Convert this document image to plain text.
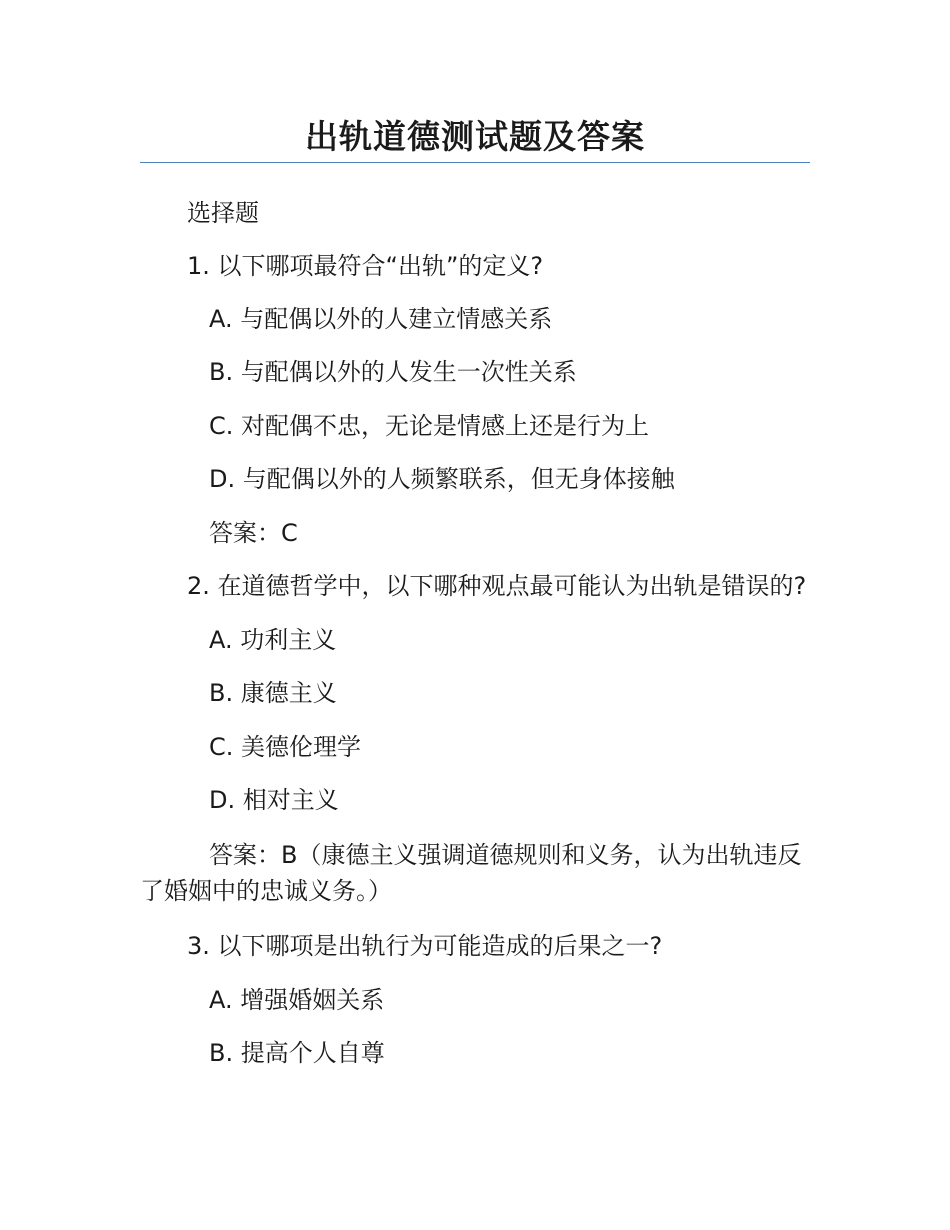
出轨道德测试题及答案

选择题

1. 以下哪项最符合“出轨”的定义?

A. 与配偶以外的人建立情感关系

B. 与配偶以外的人发生一次性关系

C. 对配偶不忠，无论是情感上还是行为上

D. 与配偶以外的人频繁联系，但无身体接触

答案：C

2. 在道德哲学中，以下哪种观点最可能认为出轨是错误的?

A. 功利主义

B. 康德主义

C. 美德伦理学

D. 相对主义

答案：B（康德主义强调道德规则和义务，认为出轨违反了婚姻中的忠诚义务。）

3. 以下哪项是出轨行为可能造成的后果之一?

A. 增强婚姻关系

B. 提高个人自尊
